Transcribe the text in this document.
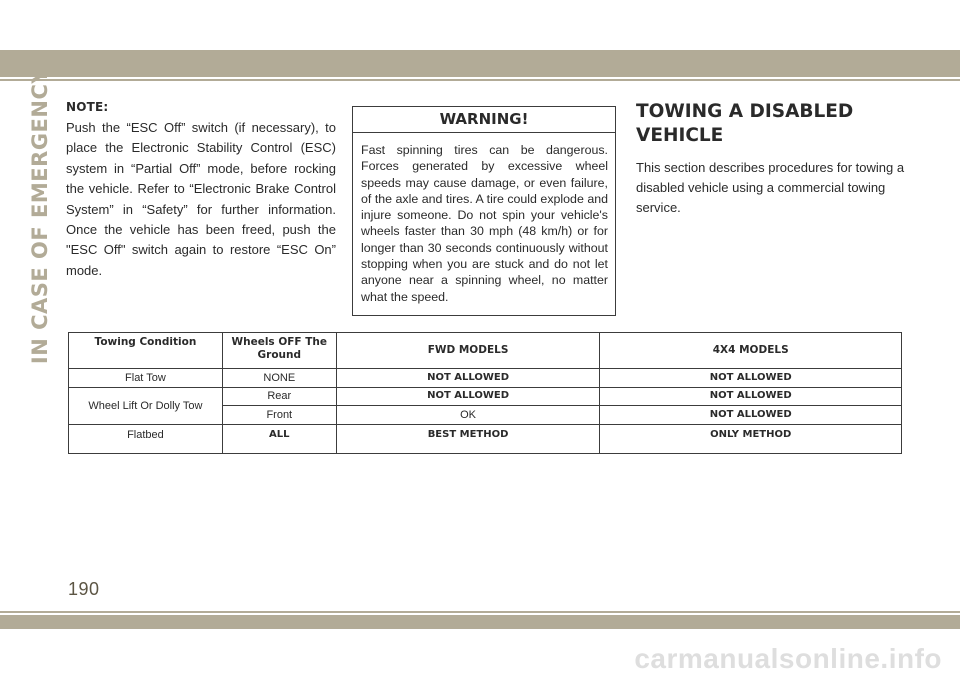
IN CASE OF EMERGENCY NOTE:
Push the “ESC Off” switch (if necessary), to place the Electronic Stability Control (ESC) system in “Partial Off” mode, before rocking the vehicle. Refer to “Electronic Brake Control System” in “Safety” for further information. Once the vehicle has been freed, push the "ESC Off" switch again to restore “ESC On” mode.
WARNING!
Fast spinning tires can be dangerous. Forces generated by excessive wheel speeds may cause damage, or even failure, of the axle and tires. A tire could explode and injure someone. Do not spin your vehicle's wheels faster than 30 mph (48 km/h) or for longer than 30 seconds continuously without stopping when you are stuck and do not let anyone near a spinning wheel, no matter what the speed.
TOWING A DISABLED VEHICLE
This section describes procedures for towing a disabled vehicle using a commercial towing service.
Towing Condition	Wheels OFF The Ground	FWD MODELS	4X4 MODELS
Flat Tow	NONE	NOT ALLOWED	NOT ALLOWED
Wheel Lift Or Dolly Tow	Rear	NOT ALLOWED	NOT ALLOWED
	Front	OK	NOT ALLOWED
Flatbed	ALL	BEST METHOD	ONLY METHOD
190
carmanualsonline.info
